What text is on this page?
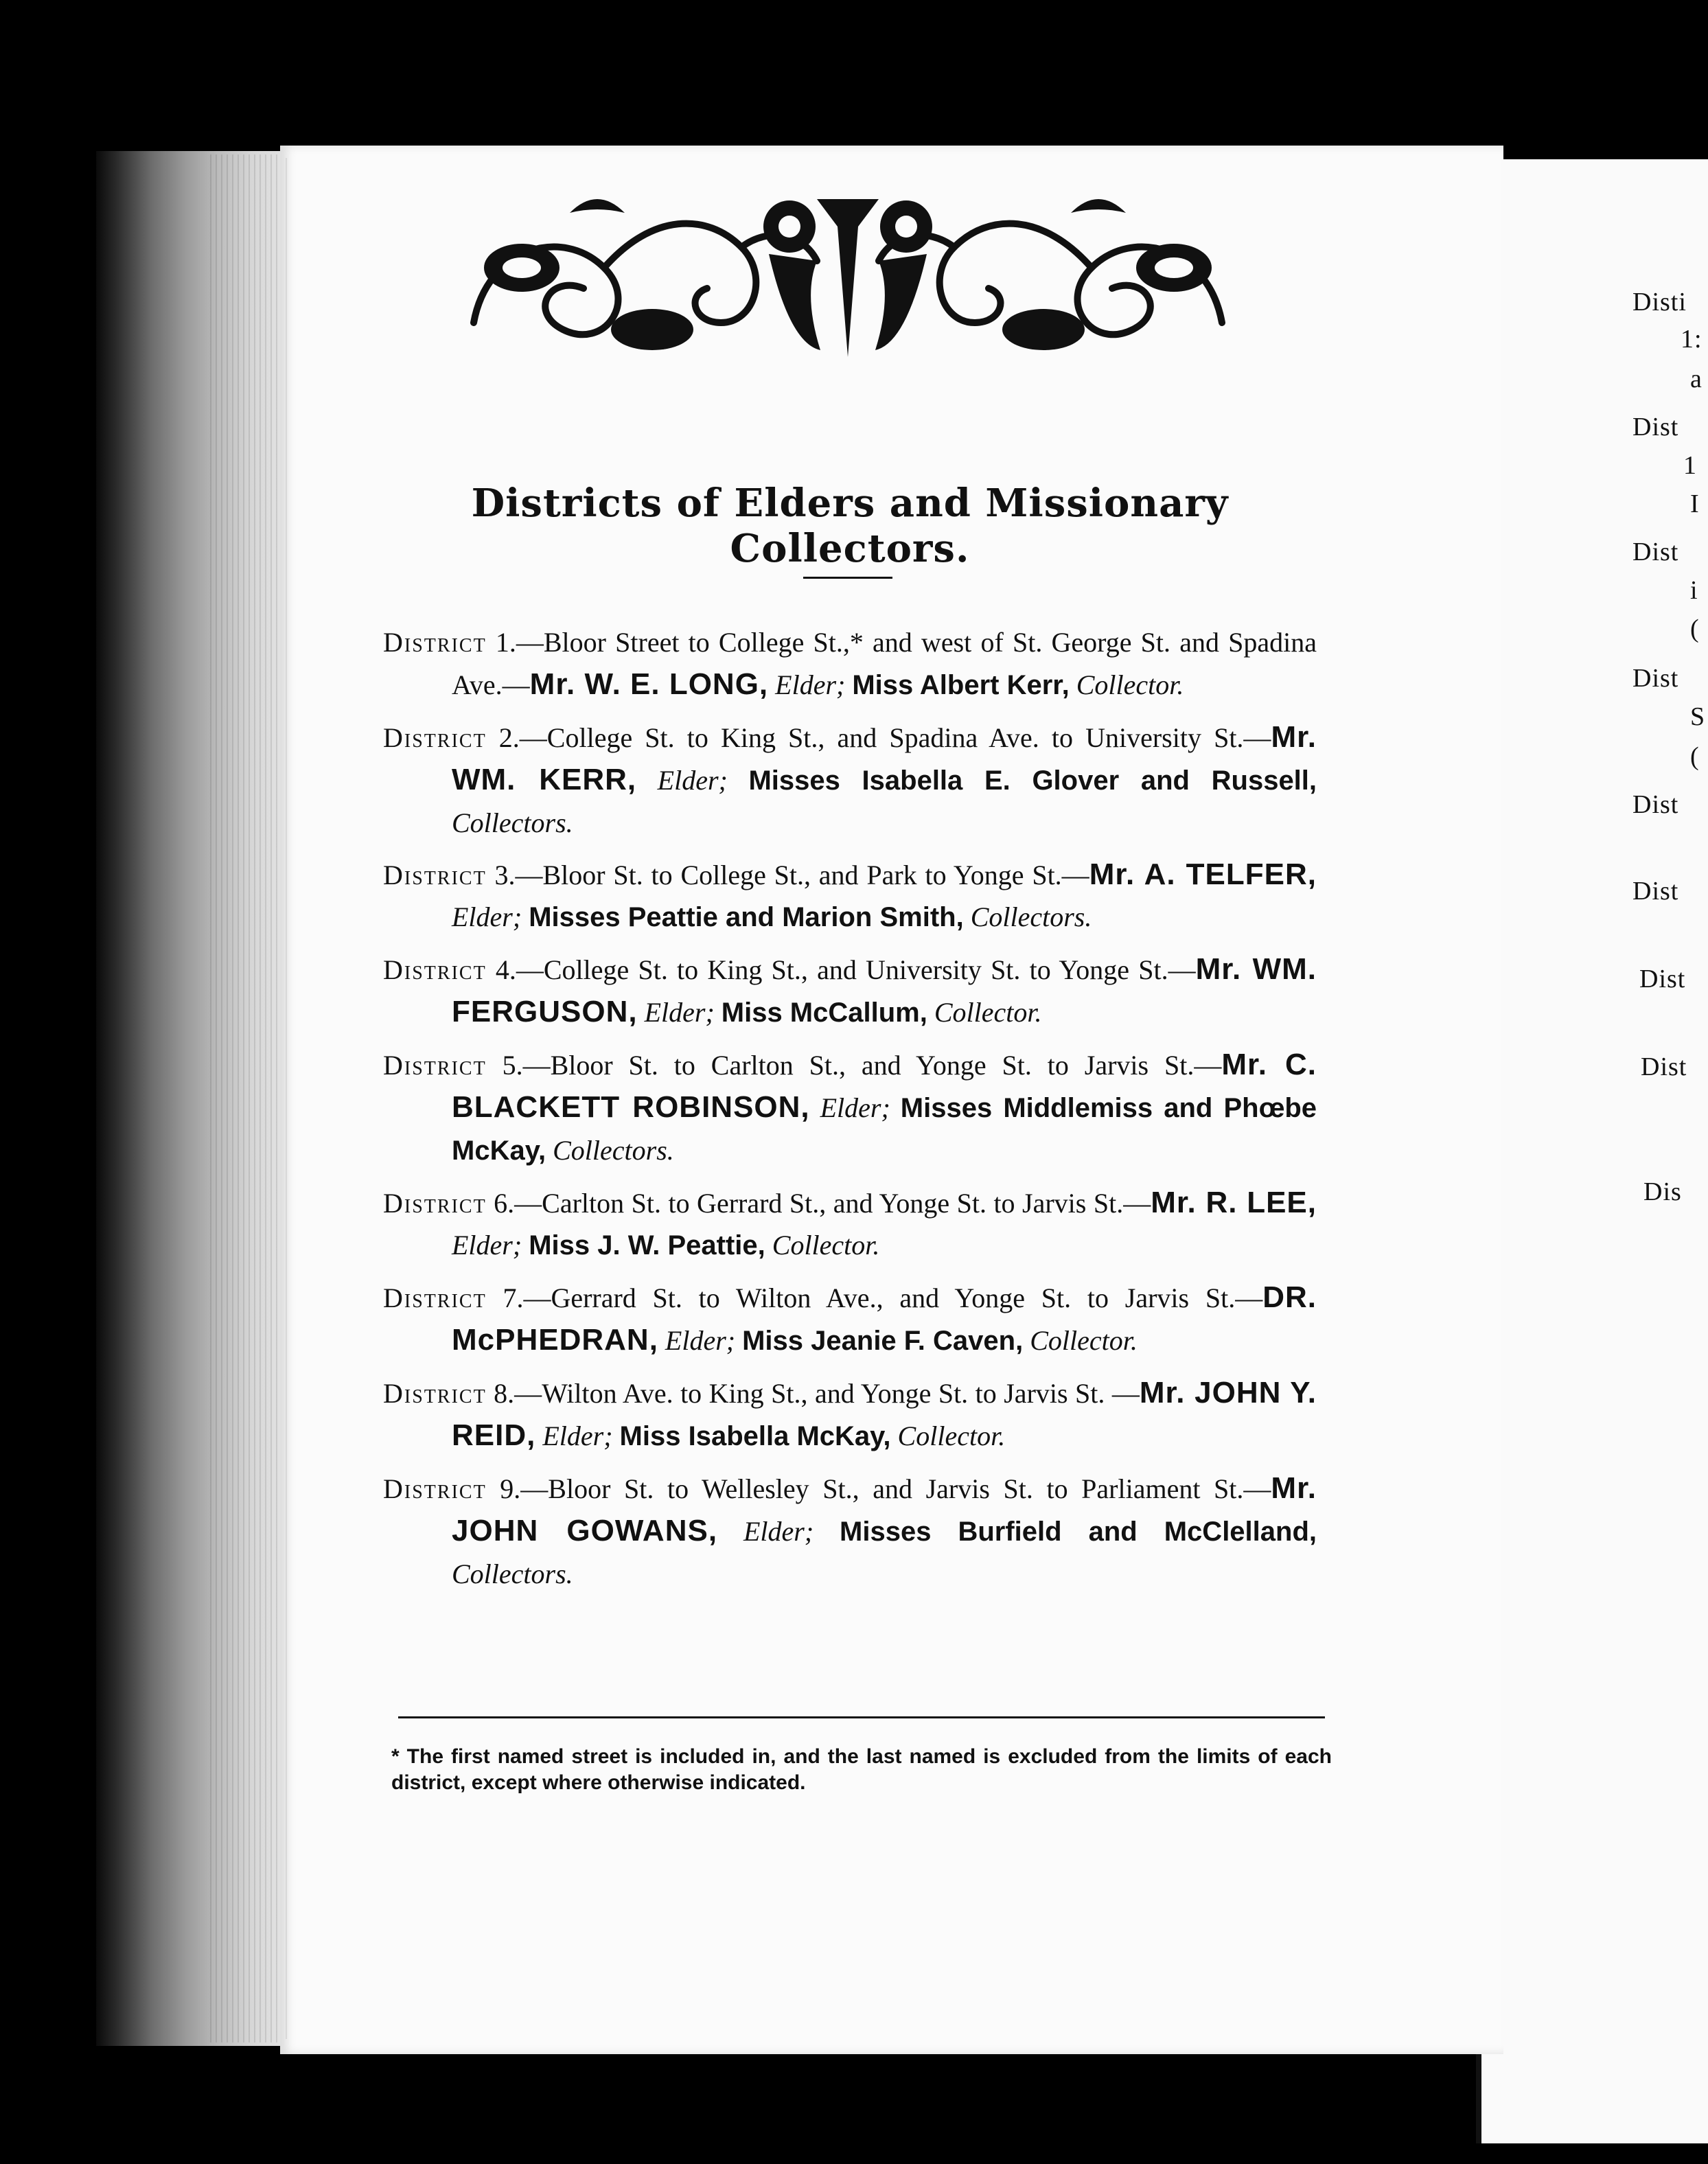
Disti
1:
a
Dist
1
I
Dist
i
(
Dist
S
(
Dist
Dist
Dist
Dist
Dis
Districts of Elders and Missionary Collectors.
District 1.—Bloor Street to College St.,* and west of St. George St. and Spadina Ave.—Mr. W. E. LONG, Elder; Miss Albert Kerr, Collector.
District 2.—College St. to King St., and Spadina Ave. to University St.—Mr. WM. KERR, Elder; Misses Isabella E. Glover and Russell, Collectors.
District 3.—Bloor St. to College St., and Park to Yonge St.—Mr. A. TELFER, Elder; Misses Peattie and Marion Smith, Collectors.
District 4.—College St. to King St., and University St. to Yonge St.—Mr. WM. FERGUSON, Elder; Miss McCallum, Collector.
District 5.—Bloor St. to Carlton St., and Yonge St. to Jarvis St.—Mr. C. BLACKETT ROBINSON, Elder; Misses Middlemiss and Phœbe McKay, Collectors.
District 6.—Carlton St. to Gerrard St., and Yonge St. to Jarvis St.—Mr. R. LEE, Elder; Miss J. W. Peattie, Collector.
District 7.—Gerrard St. to Wilton Ave., and Yonge St. to Jarvis St.—DR. McPHEDRAN, Elder; Miss Jeanie F. Caven, Collector.
District 8.—Wilton Ave. to King St., and Yonge St. to Jarvis St. —Mr. JOHN Y. REID, Elder; Miss Isabella McKay, Collector.
District 9.—Bloor St. to Wellesley St., and Jarvis St. to Parliament St.—Mr. JOHN GOWANS, Elder; Misses Burfield and McClelland, Collectors.
* The first named street is included in, and the last named is excluded from the limits of each district, except where otherwise indicated.
